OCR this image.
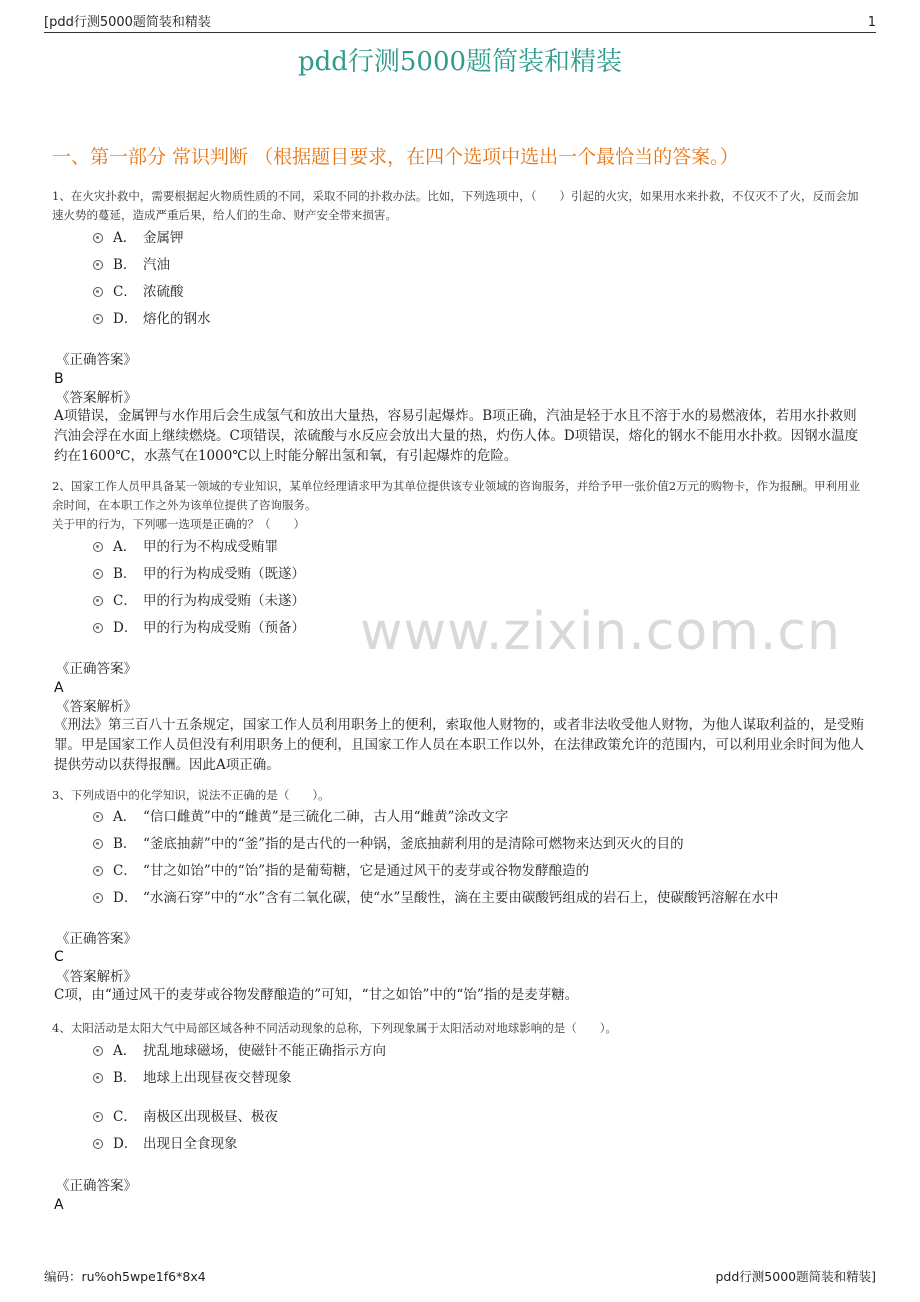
[pdd行测5000题简装和精装	1
pdd行测5000题简装和精装
一、第一部分 常识判断 （根据题目要求，在四个选项中选出一个最恰当的答案。）
www.zixin.com.cn
1、在火灾扑救中，需要根据起火物质性质的不同，采取不同的扑救办法。比如，下列选项中，（　　）引起的火灾，如果用水来扑救，不仅灭不了火，反而会加速火势的蔓延，造成严重后果，给人们的生命、财产安全带来损害。
A． 金属钾
B． 汽油
C． 浓硫酸
D． 熔化的钢水
《正确答案》
B
《答案解析》
A项错误，金属钾与水作用后会生成氢气和放出大量热，容易引起爆炸。B项正确，汽油是轻于水且不溶于水的易燃液体，若用水扑救则汽油会浮在水面上继续燃烧。C项错误，浓硫酸与水反应会放出大量的热，灼伤人体。D项错误，熔化的钢水不能用水扑救。因钢水温度约在1600℃，水蒸气在1000℃以上时能分解出氢和氧，有引起爆炸的危险。
2、国家工作人员甲具备某一领域的专业知识，某单位经理请求甲为其单位提供该专业领域的咨询服务，并给予甲一张价值2万元的购物卡，作为报酬。甲利用业余时间，在本职工作之外为该单位提供了咨询服务。
关于甲的行为，下列哪一选项是正确的？（　　）
A． 甲的行为不构成受贿罪
B． 甲的行为构成受贿（既遂）
C． 甲的行为构成受贿（未遂）
D． 甲的行为构成受贿（预备）
《正确答案》
A
《答案解析》
《刑法》第三百八十五条规定，国家工作人员利用职务上的便利，索取他人财物的，或者非法收受他人财物，为他人谋取利益的，是受贿罪。甲是国家工作人员但没有利用职务上的便利，且国家工作人员在本职工作以外，在法律政策允许的范围内，可以利用业余时间为他人提供劳动以获得报酬。因此A项正确。
3、下列成语中的化学知识，说法不正确的是（　　）。
A． “信口雌黄”中的“雌黄”是三硫化二砷，古人用“雌黄”涂改文字
B． “釜底抽薪”中的“釜”指的是古代的一种锅，釜底抽薪利用的是清除可燃物来达到灭火的目的
C． “甘之如饴”中的“饴”指的是葡萄糖，它是通过风干的麦芽或谷物发酵酿造的
D． “水滴石穿”中的“水”含有二氧化碳，使“水”呈酸性，滴在主要由碳酸钙组成的岩石上，使碳酸钙溶解在水中
《正确答案》
C
《答案解析》
C项，由“通过风干的麦芽或谷物发酵酿造的”可知，“甘之如饴”中的“饴”指的是麦芽糖。
4、太阳活动是太阳大气中局部区域各种不同活动现象的总称，下列现象属于太阳活动对地球影响的是（　　）。
A． 扰乱地球磁场，使磁针不能正确指示方向
B． 地球上出现昼夜交替现象
C． 南极区出现极昼、极夜
D． 出现日全食现象
《正确答案》
A
编码：ru%oh5wpe1f6*8x4	pdd行测5000题简装和精装]
